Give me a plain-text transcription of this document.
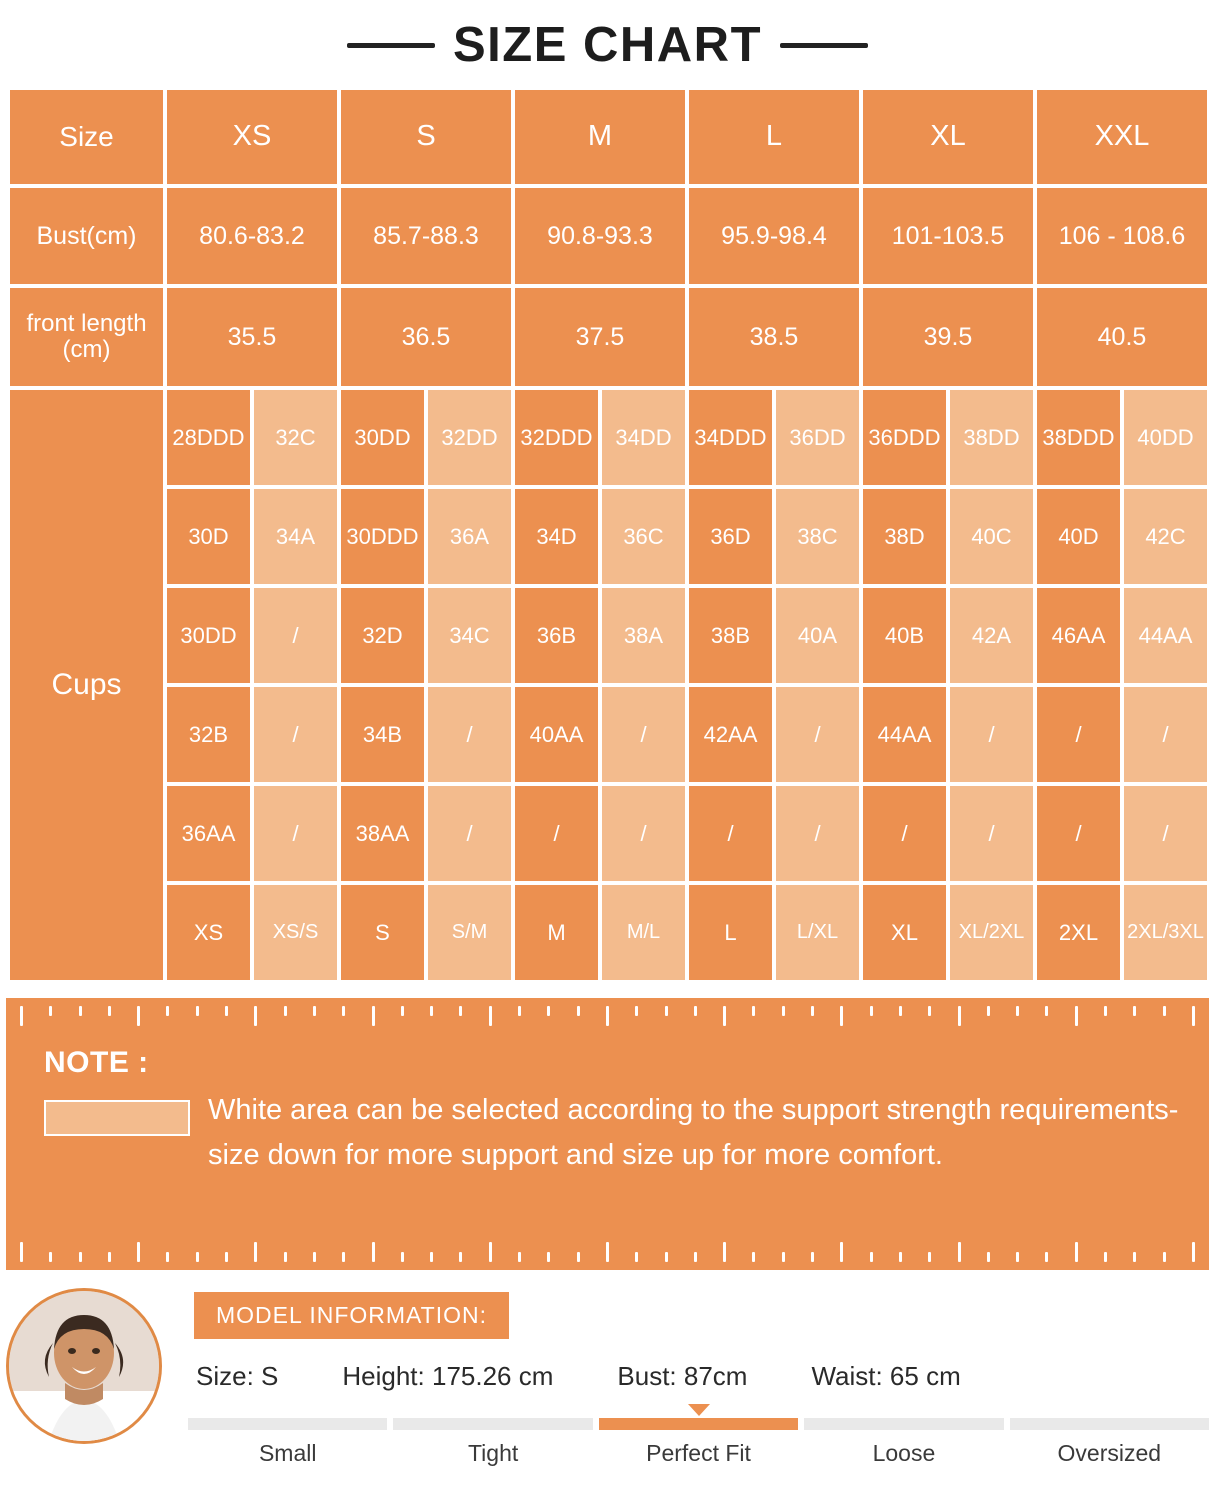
SIZE CHART
Size	XS	S	M	L	XL	XXL
Bust(cm)	80.6-83.2	85.7-88.3	90.8-93.3	95.9-98.4	101-103.5	106 - 108.6
front length
(cm)	35.5	36.5	37.5	38.5	39.5	40.5
Cups
28DDD	32C	30DD	32DD	32DDD	34DD	34DDD	36DD	36DDD	38DD	38DDD	40DD
30D	34A	30DDD	36A	34D	36C	36D	38C	38D	40C	40D	42C
30DD	/	32D	34C	36B	38A	38B	40A	40B	42A	46AA	44AA
32B	/	34B	/	40AA	/	42AA	/	44AA	/	/	/
36AA	/	38AA	/	/	/	/	/	/	/	/	/
XS	XS/S	S	S/M	M	M/L	L	L/XL	XL	XL/2XL	2XL	2XL/3XL
NOTE :
White area can be selected according to the support strength requirements-size down for more support and size up for more comfort.
MODEL INFORMATION:
Size: S Height: 175.26 cm Bust: 87cm Waist: 65 cm
Small	Tight	Perfect Fit	Loose	Oversized
